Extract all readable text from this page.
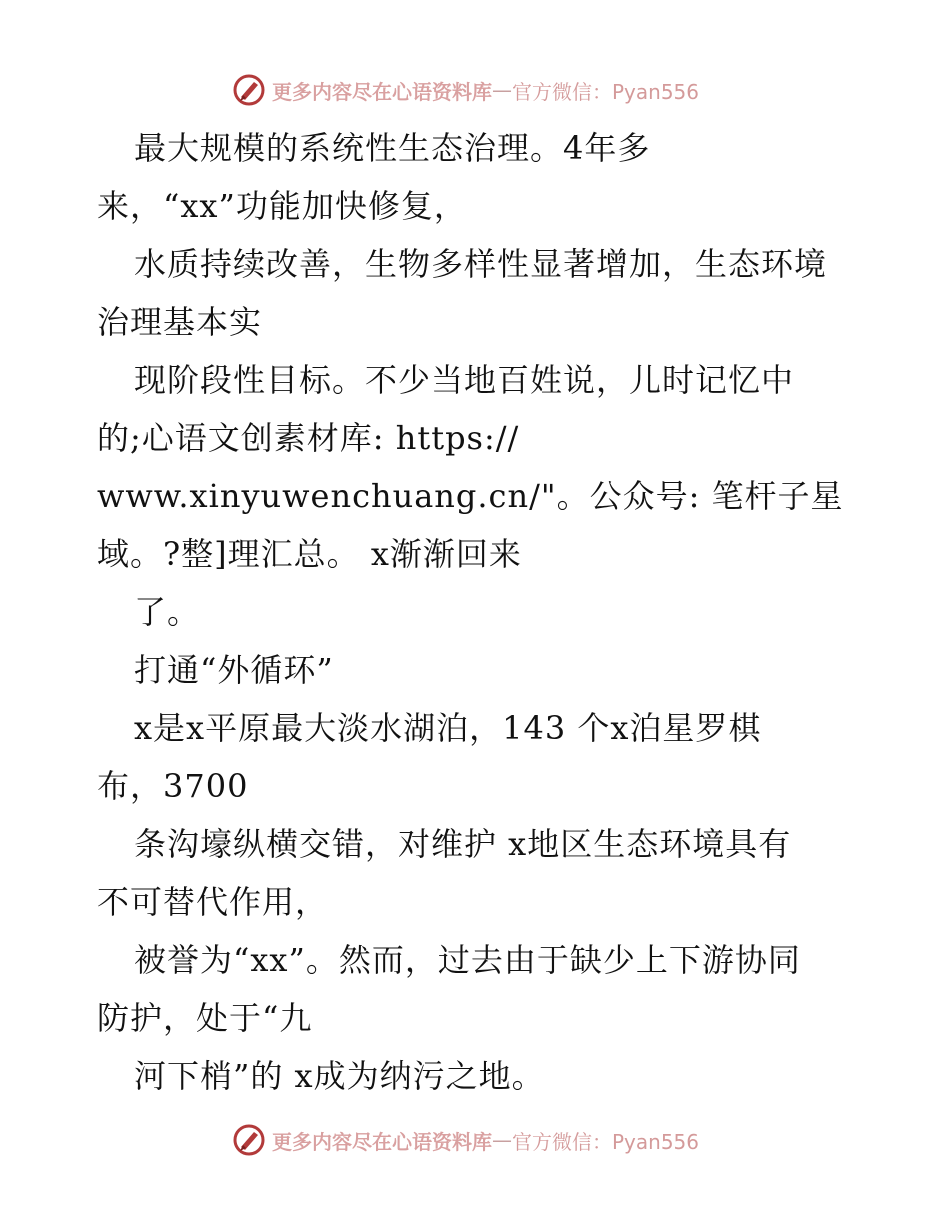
更多内容尽在心语资料库 — 官方微信：Pyan556
最大规模的系统性生态治理。4年多
来，“xx”功能加快修复，
水质持续改善，生物多样性显著增加，生态环境
治理基本实
现阶段性目标。不少当地百姓说，儿时记忆中
的;心语文创素材库: https://
www.xinyuwenchuang.cn/"。公众号: 笔杆子星
域。?整]理汇总。 x渐渐回来
了。
打通“外循环”
x是x平原最大淡水湖泊，143 个x泊星罗棋
布，3700
条沟壕纵横交错，对维护 x地区生态环境具有
不可替代作用，
被誉为“xx”。然而，过去由于缺少上下游协同
防护，处于“九
河下梢”的 x成为纳污之地。
更多内容尽在心语资料库 — 官方微信：Pyan556
